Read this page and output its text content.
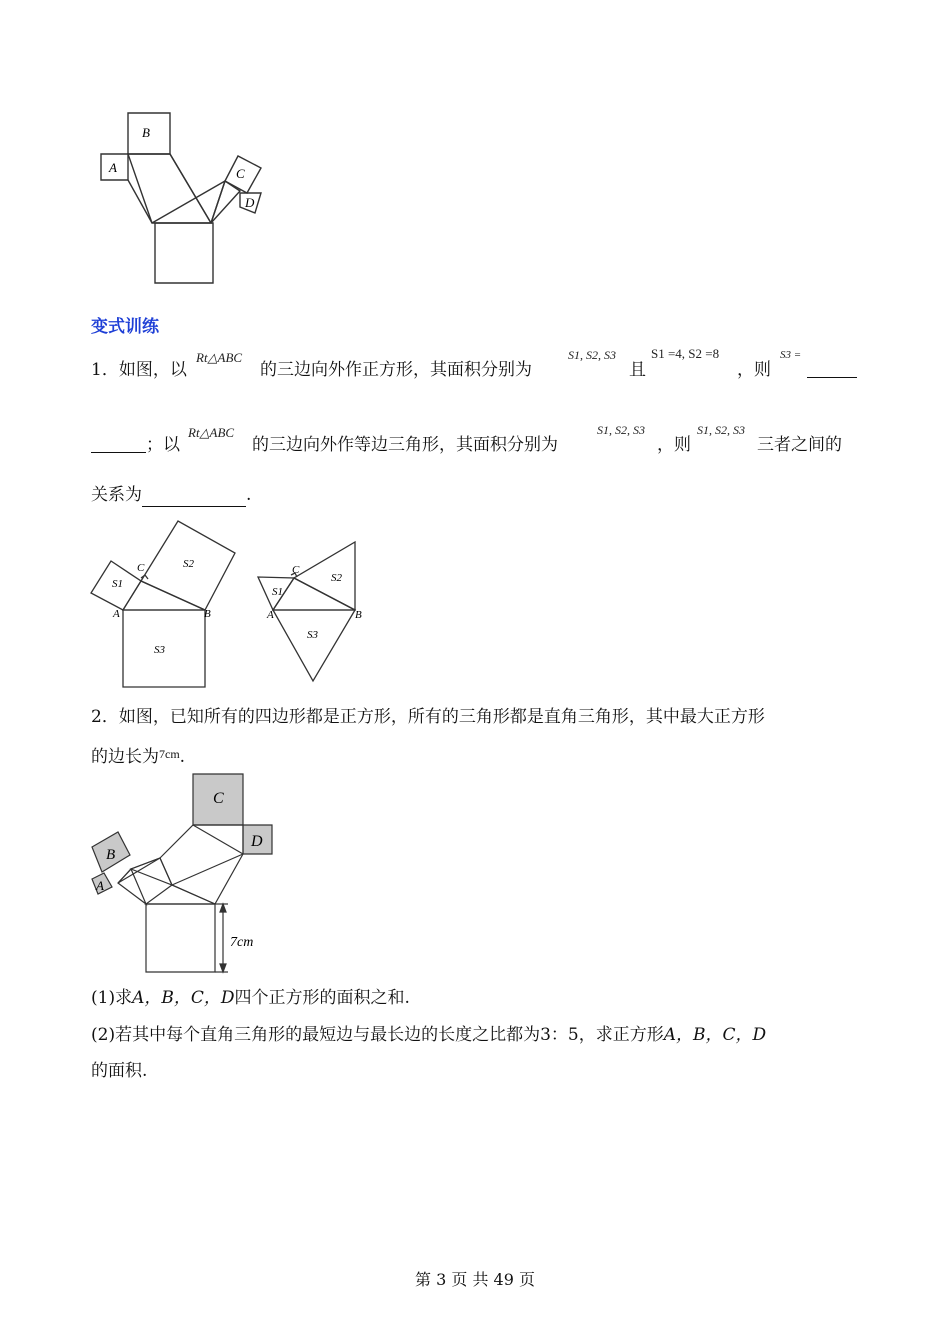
B
A	C
D
变式训练
1．如图，以
Rt△ABC
的三边向外作正方形，其面积分别为
S1, S2, S3
且
S1 =4, S2 =8
，则
S3 =
；以
Rt△ABC
的三边向外作等边三角形，其面积分别为
S1, S2, S3
，则
S1, S2, S3
三者之间的
关系为	.
C	S2
S1
A	B
S3
C
S2
S1
A	B
S3
2．如图，已知所有的四边形都是正方形，所有的三角形都是直角三角形，其中最大正方形
的边长为$^{7cm}$.
C
D
B
A
7cm
(1)求A，B，C，D四个正方形的面积之和.
(2)若其中每个直角三角形的最短边与最长边的长度之比都为3：5，求正方形A，B，C，D
的面积.
第 3 页 共 49 页
